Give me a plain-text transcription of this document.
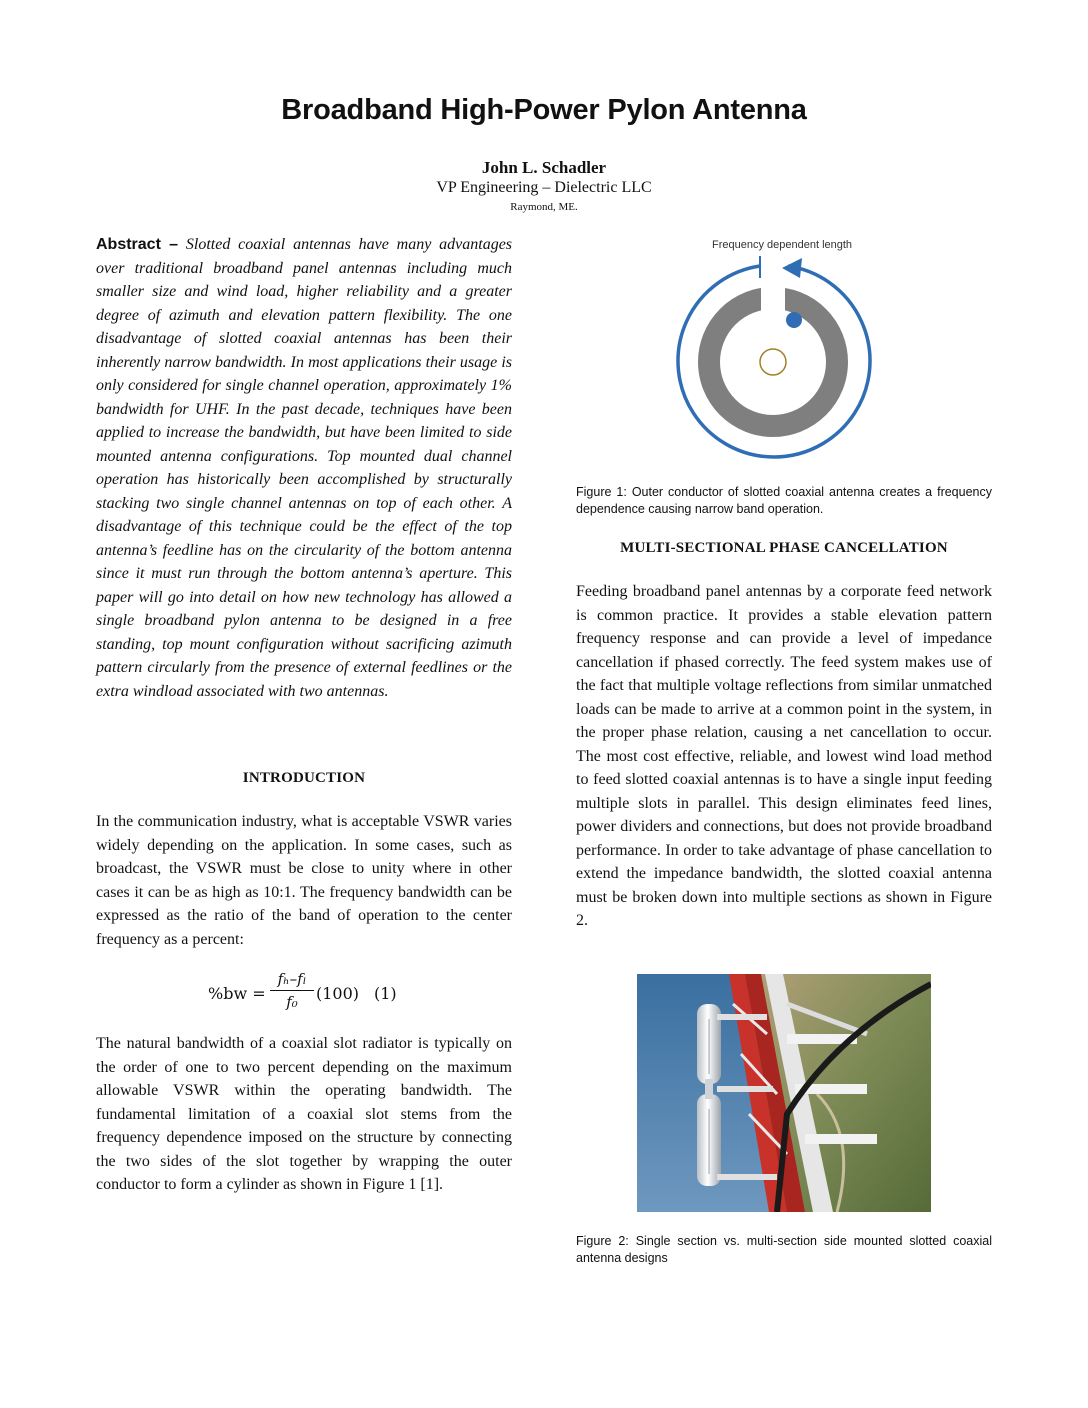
Broadband High-Power Pylon Antenna
John L. Schadler
VP Engineering – Dielectric LLC
Raymond, ME.

Abstract – Slotted coaxial antennas have many advantages over traditional broadband panel antennas including much smaller size and wind load, higher reliability and a greater degree of azimuth and elevation pattern flexibility. The one disadvantage of slotted coaxial antennas has been their inherently narrow bandwidth. In most applications their usage is only considered for single channel operation, approximately 1% bandwidth for UHF. In the past decade, techniques have been applied to increase the bandwidth, but have been limited to side mounted antenna configurations. Top mounted dual channel operation has historically been accomplished by structurally stacking two single channel antennas on top of each other. A disadvantage of this technique could be the effect of the top antenna’s feedline has on the circularity of the bottom antenna since it must run through the bottom antenna’s aperture. This paper will go into detail on how new technology has allowed a single broadband pylon antenna to be designed in a free standing, top mount configuration without sacrificing azimuth pattern circularly from the presence of external feedlines or the extra windload associated with two antennas.

INTRODUCTION

In the communication industry, what is acceptable VSWR varies widely depending on the application. In some cases, such as broadcast, the VSWR must be close to unity where in other cases it can be as high as 10:1. The frequency bandwidth can be expressed as the ratio of the band of operation to the center frequency as a percent:

%bw =
fₕ–fₗ
f₀	(100) (1)

The natural bandwidth of a coaxial slot radiator is typically on the order of one to two percent depending on the maximum allowable VSWR within the operating bandwidth. The fundamental limitation of a coaxial slot stems from the frequency dependence imposed on the structure by connecting the two sides of the slot together by wrapping the outer conductor to form a cylinder as shown in Figure 1 [1].

Frequency dependent length

Figure 1: Outer conductor of slotted coaxial antenna creates a frequency dependence causing narrow band operation.

MULTI-SECTIONAL PHASE CANCELLATION

Feeding broadband panel antennas by a corporate feed network is common practice. It provides a stable elevation pattern frequency response and can provide a level of impedance cancellation if phased correctly. The feed system makes use of the fact that multiple voltage reflections from similar unmatched loads can be made to arrive at a common point in the system, in the proper phase relation, causing a net cancellation to occur. The most cost effective, reliable, and lowest wind load method to feed slotted coaxial antennas is to have a single input feeding multiple slots in parallel. This design eliminates feed lines, power dividers and connections, but does not provide broadband performance. In order to take advantage of phase cancellation to extend the impedance bandwidth, the slotted coaxial antenna must be broken down into multiple sections as shown in Figure 2.

Figure 2: Single section vs. multi-section side mounted slotted coaxial antenna designs
